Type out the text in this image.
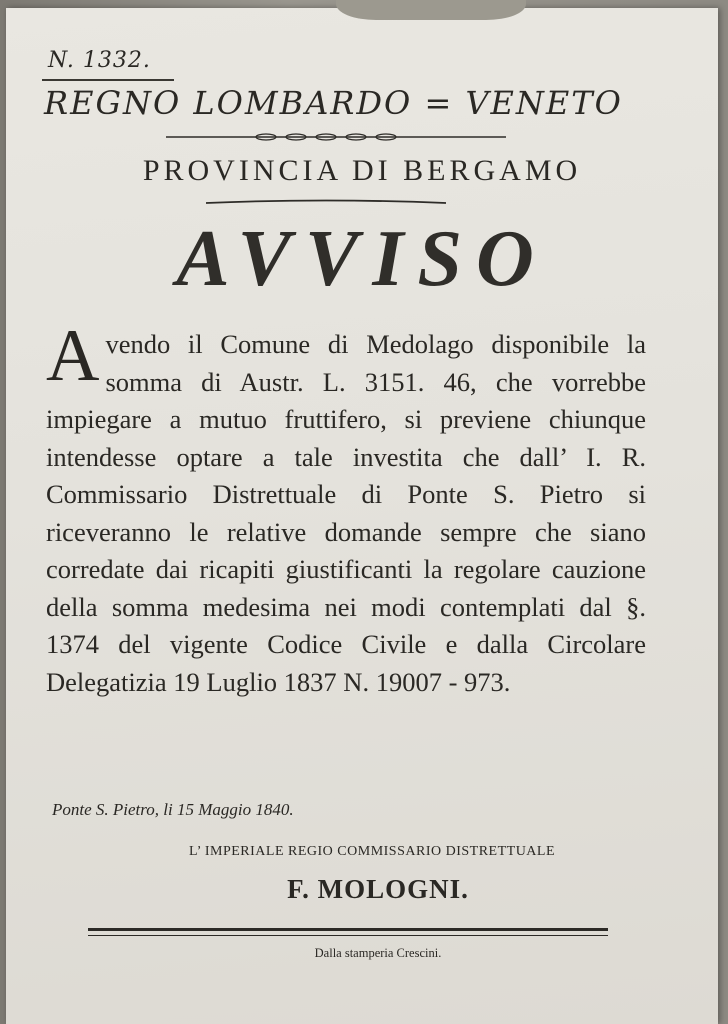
N. 1332.
REGNO LOMBARDO = VENETO
PROVINCIA DI BERGAMO
AVVISO
Avendo il Comune di Medolago disponibile la somma di Austr. L. 3151. 46, che vorrebbe impiegare a mutuo fruttifero, si previene chiunque intendesse optare a tale investita che dall’ I. R. Commissario Distrettuale di Ponte S. Pietro si riceveranno le relative domande sempre che siano corredate dai ricapiti giustificanti la regolare cauzione della somma medesima nei modi contemplati dal §. 1374 del vigente Codice Civile e dalla Circolare Delegatizia 19 Luglio 1837 N. 19007 - 973.
Ponte S. Pietro, li 15 Maggio 1840.
L’ IMPERIALE REGIO COMMISSARIO DISTRETTUALE
F. MOLOGNI.
Dalla stamperia Crescini.
